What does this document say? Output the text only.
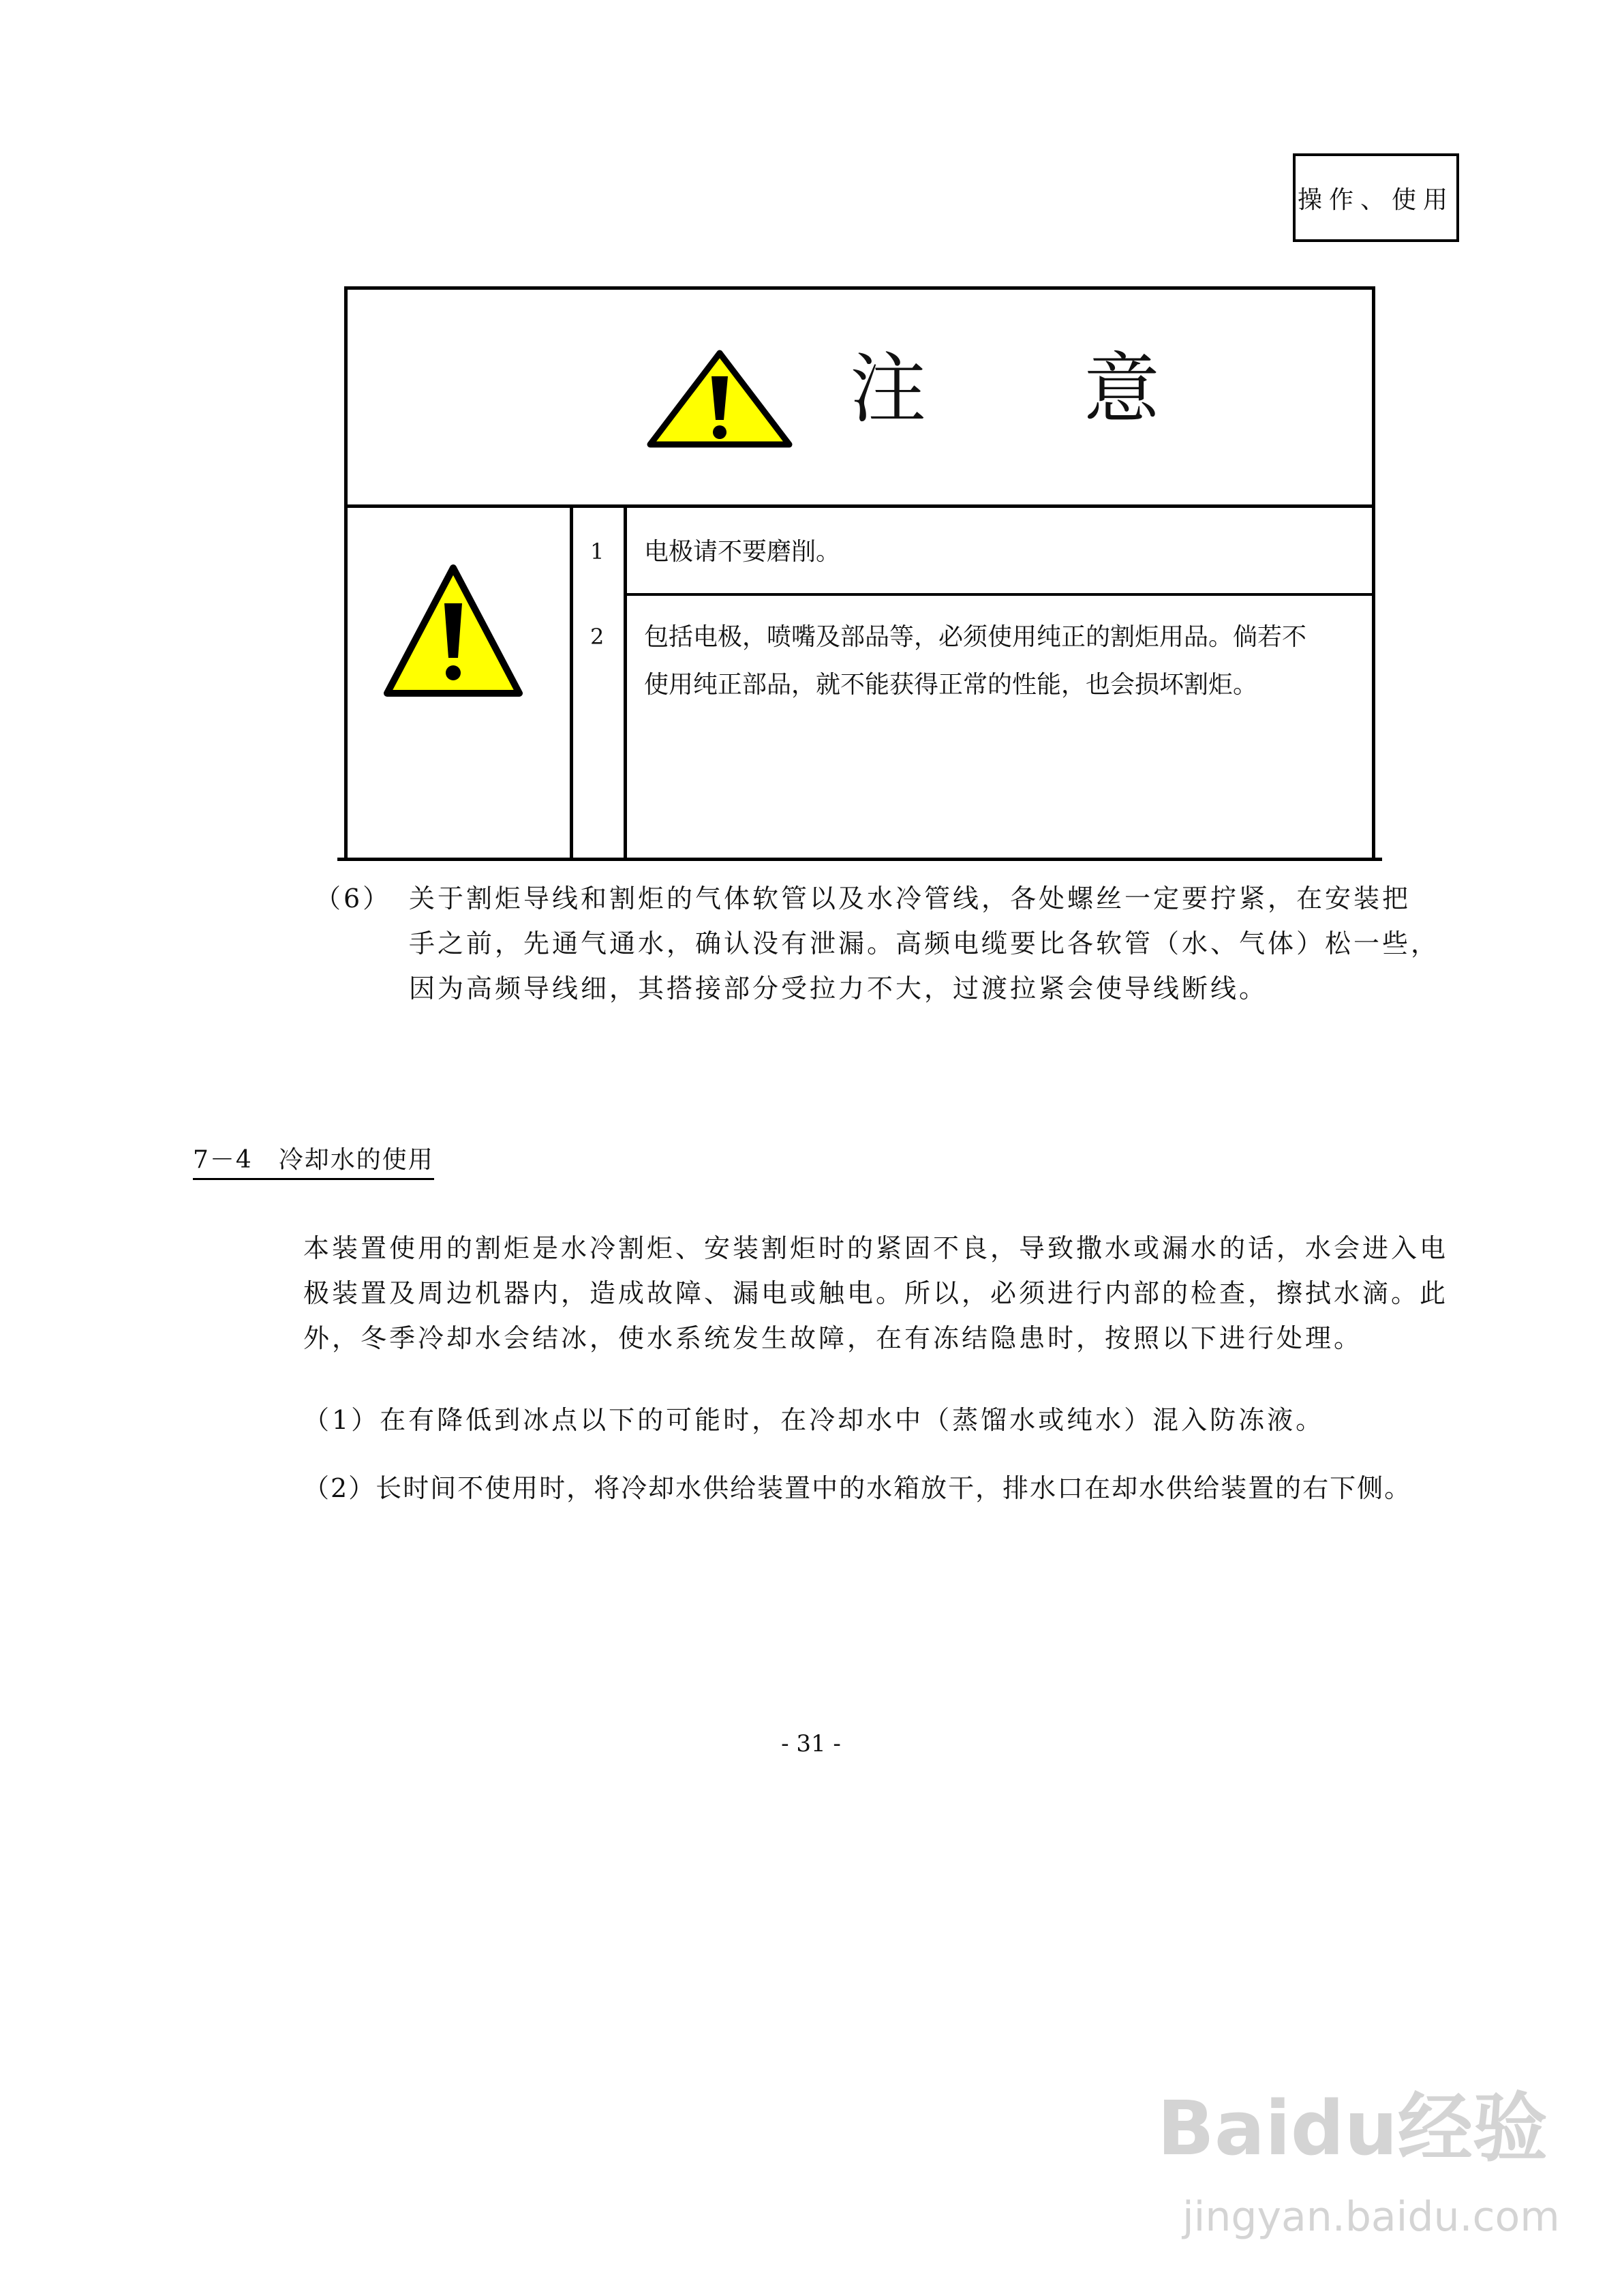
操作、使用
注 意
1 电极请不要磨削。
2 包括电极，喷嘴及部品等，必须使用纯正的割炬用品。倘若不
使用纯正部品，就不能获得正常的性能，也会损坏割炬。
（6） 关于割炬导线和割炬的气体软管以及水冷管线，各处螺丝一定要拧紧，在安装把
手之前，先通气通水，确认没有泄漏。高频电缆要比各软管（水、气体）松一些，
因为高频导线细，其搭接部分受拉力不大，过渡拉紧会使导线断线。
7－4　冷却水的使用
本装置使用的割炬是水冷割炬、安装割炬时的紧固不良，导致撒水或漏水的话，水会进入电
极装置及周边机器内，造成故障、漏电或触电。所以，必须进行内部的检查，擦拭水滴。此
外，冬季冷却水会结冰，使水系统发生故障，在有冻结隐患时，按照以下进行处理。
（1）在有降低到冰点以下的可能时，在冷却水中（蒸馏水或纯水）混入防冻液。
（2）长时间不使用时，将冷却水供给装置中的水箱放干，排水口在却水供给装置的右下侧。
- 31 -
Baidu经验
jingyan.baidu.com
